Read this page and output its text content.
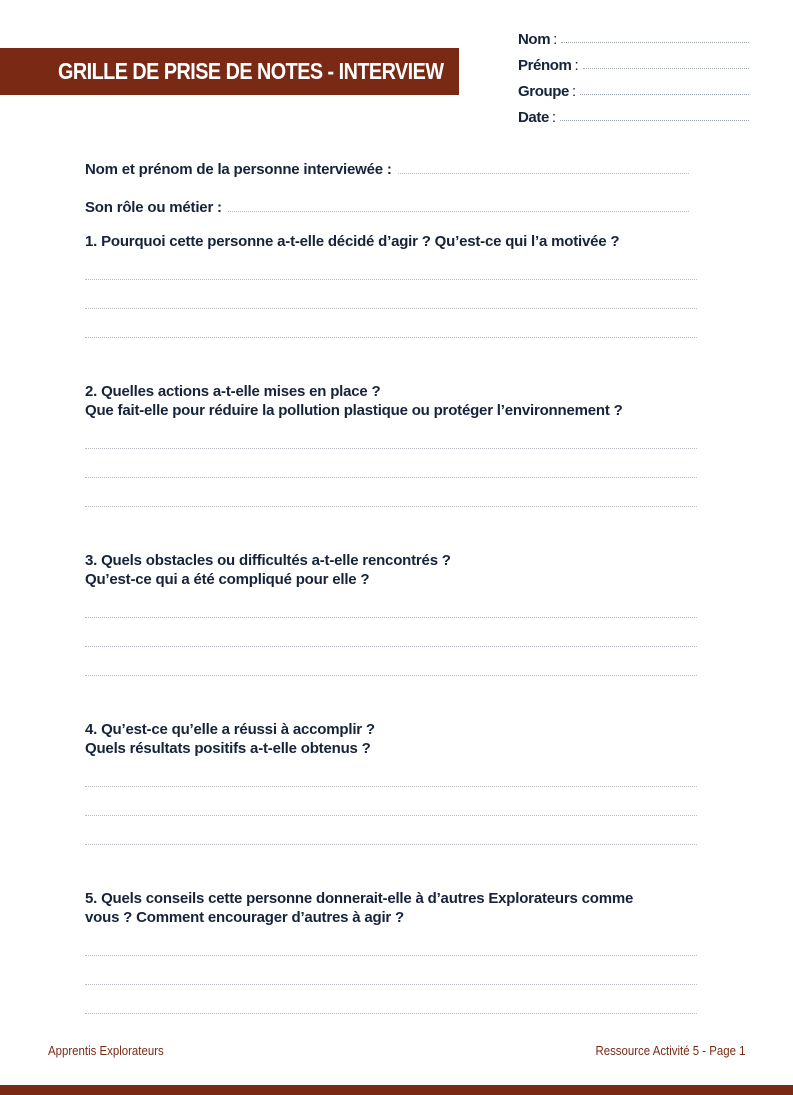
GRILLE DE PRISE DE NOTES - INTERVIEW
Nom :
Prénom :
Groupe :
Date :
Nom et prénom de la personne interviewée :
Son rôle ou métier :
1. Pourquoi cette personne a-t-elle décidé d’agir ? Qu’est-ce qui l’a motivée ?
2. Quelles actions a-t-elle mises en place ?
Que fait-elle pour réduire la pollution plastique ou protéger l’environnement ?
3. Quels obstacles ou difficultés a-t-elle rencontrés ?
Qu’est-ce qui a été compliqué pour elle ?
4. Qu’est-ce qu’elle a réussi à accomplir ?
Quels résultats positifs a-t-elle obtenus ?
5. Quels conseils cette personne donnerait-elle à d’autres Explorateurs comme
vous ? Comment encourager d’autres à agir ?
Apprentis Explorateurs	Ressource Activité 5 - Page 1
